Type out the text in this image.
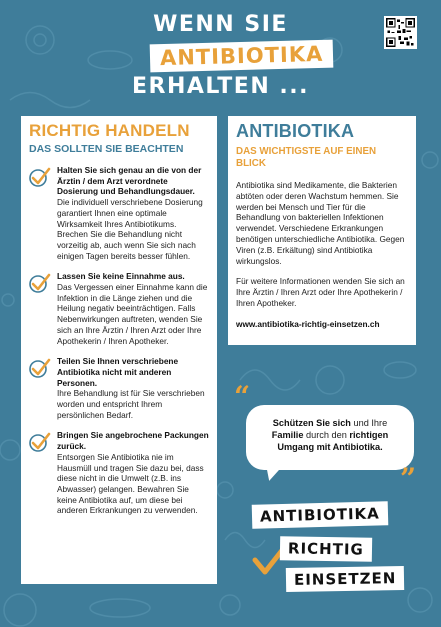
WENN SIE
ANTIBIOTIKA
ERHALTEN ...
RICHTIG HANDELN
DAS SOLLTEN SIE BEACHTEN
Halten Sie sich genau an die von der Ärztin / dem Arzt verordnete Dosierung und Behandlungsdauer.
Die individuell verschriebene Dosierung garantiert Ihnen eine optimale Wirksamkeit Ihres Antibiotikums. Brechen Sie die Behandlung nicht vorzeitig ab, auch wenn Sie sich nach einigen Tagen bereits besser fühlen.
Lassen Sie keine Einnahme aus.
Das Vergessen einer Einnahme kann die Infektion in die Länge ziehen und die Heilung negativ beeinträchtigen. Falls Nebenwirkungen auftreten, wenden Sie sich an Ihre Ärztin / Ihren Arzt oder Ihre Apothekerin / Ihren Apotheker.
Teilen Sie Ihnen verschriebene Antibiotika nicht mit anderen Personen.
Ihre Behandlung ist für Sie verschrieben worden und entspricht Ihrem persönlichen Bedarf.
Bringen Sie angebrochene Packungen zurück.
Entsorgen Sie Antibiotika nie im Hausmüll und tragen Sie dazu bei, dass diese nicht in die Umwelt (z.B. ins Abwasser) gelangen. Bewahren Sie keine Antibiotika auf, um diese bei anderen Erkrankungen zu verwenden.
ANTIBIOTIKA
DAS WICHTIGSTE AUF EINEN BLICK
Antibiotika sind Medikamente, die Bakterien abtöten oder deren Wachstum hemmen. Sie werden bei Mensch und Tier für die Behandlung von bakteriellen Infektionen verwendet. Verschiedene Erkrankungen benötigen unterschiedliche Antibiotika. Gegen Viren (z.B. Erkältung) sind Antibiotika wirkungslos.
Für weitere Informationen wenden Sie sich an Ihre Ärztin / Ihren Arzt oder Ihre Apothekerin / Ihren Apotheker.
www.antibiotika-richtig-einsetzen.ch
“
Schützen Sie sich und Ihre Familie durch den richtigen Umgang mit Antibiotika.
”
ANTIBIOTIKA
RICHTIG
EINSETZEN
